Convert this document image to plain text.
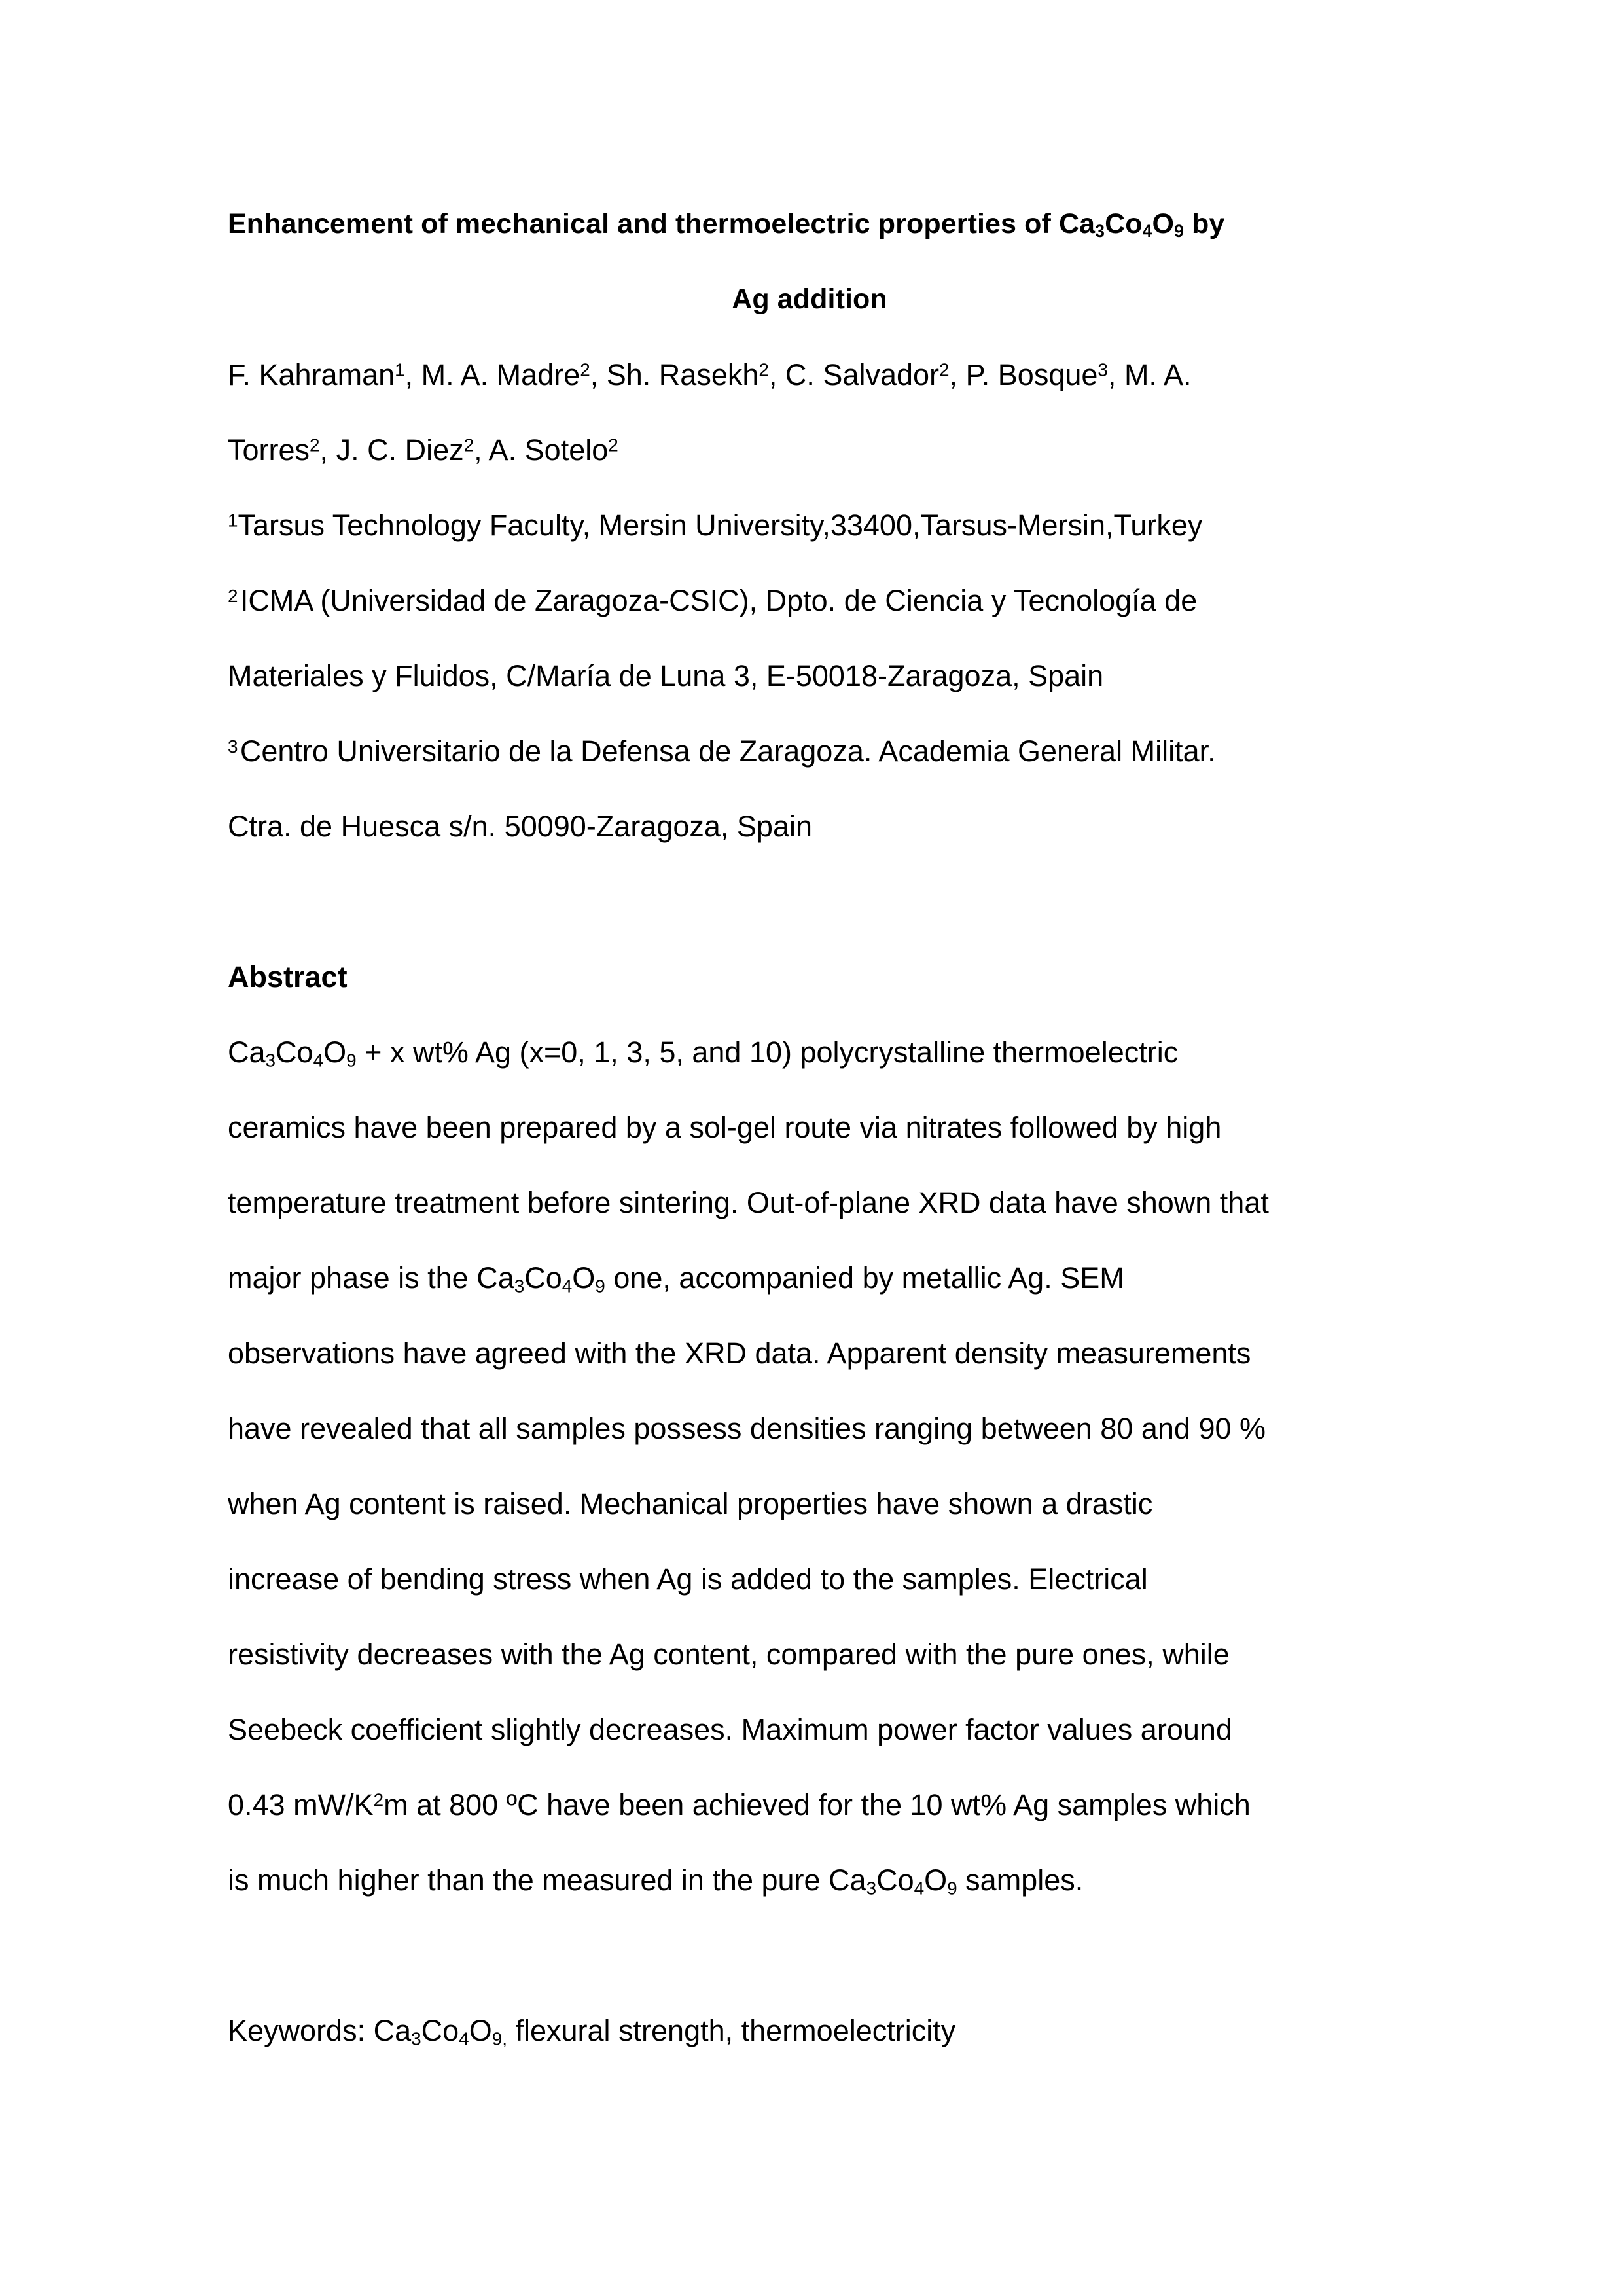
Enhancement of mechanical and thermoelectric properties of $Ca_3Co_4O_9$ by
Ag addition
F. Kahraman$^1$, M. A. Madre$^2$, Sh. Rasekh$^2$, C. Salvador$^2$, P. Bosque$^3$, M. A.
Torres$^2$, J. C. Diez$^2$, A. Sotelo$^2$
$^1$Tarsus Technology Faculty, Mersin University,33400,Tarsus-Mersin,Turkey
$^2$ICMA (Universidad de Zaragoza-CSIC), Dpto. de Ciencia y Tecnología de
Materiales y Fluidos, C/María de Luna 3, E-50018-Zaragoza, Spain
$^3$Centro Universitario de la Defensa de Zaragoza. Academia General Militar.
Ctra. de Huesca s/n. 50090-Zaragoza, Spain
Abstract
$Ca_3Co_4O_9 + x$ wt% Ag (x=0, 1, 3, 5, and 10) polycrystalline thermoelectric
ceramics have been prepared by a sol-gel route via nitrates followed by high
temperature treatment before sintering. Out-of-plane XRD data have shown that
major phase is the $Ca_3Co_4O_9$ one, accompanied by metallic Ag. SEM
observations have agreed with the XRD data. Apparent density measurements
have revealed that all samples possess densities ranging between 80 and 90 %
when Ag content is raised. Mechanical properties have shown a drastic
increase of bending stress when Ag is added to the samples. Electrical
resistivity decreases with the Ag content, compared with the pure ones, while
Seebeck coefficient slightly decreases. Maximum power factor values around
0.43 $mW/K^2m$ at 800 ºC have been achieved for the 10 wt% Ag samples which
is much higher than the measured in the pure $Ca_3Co_4O_9$ samples.
Keywords: $Ca_3Co_4O_{9,}$ flexural strength, thermoelectricity
